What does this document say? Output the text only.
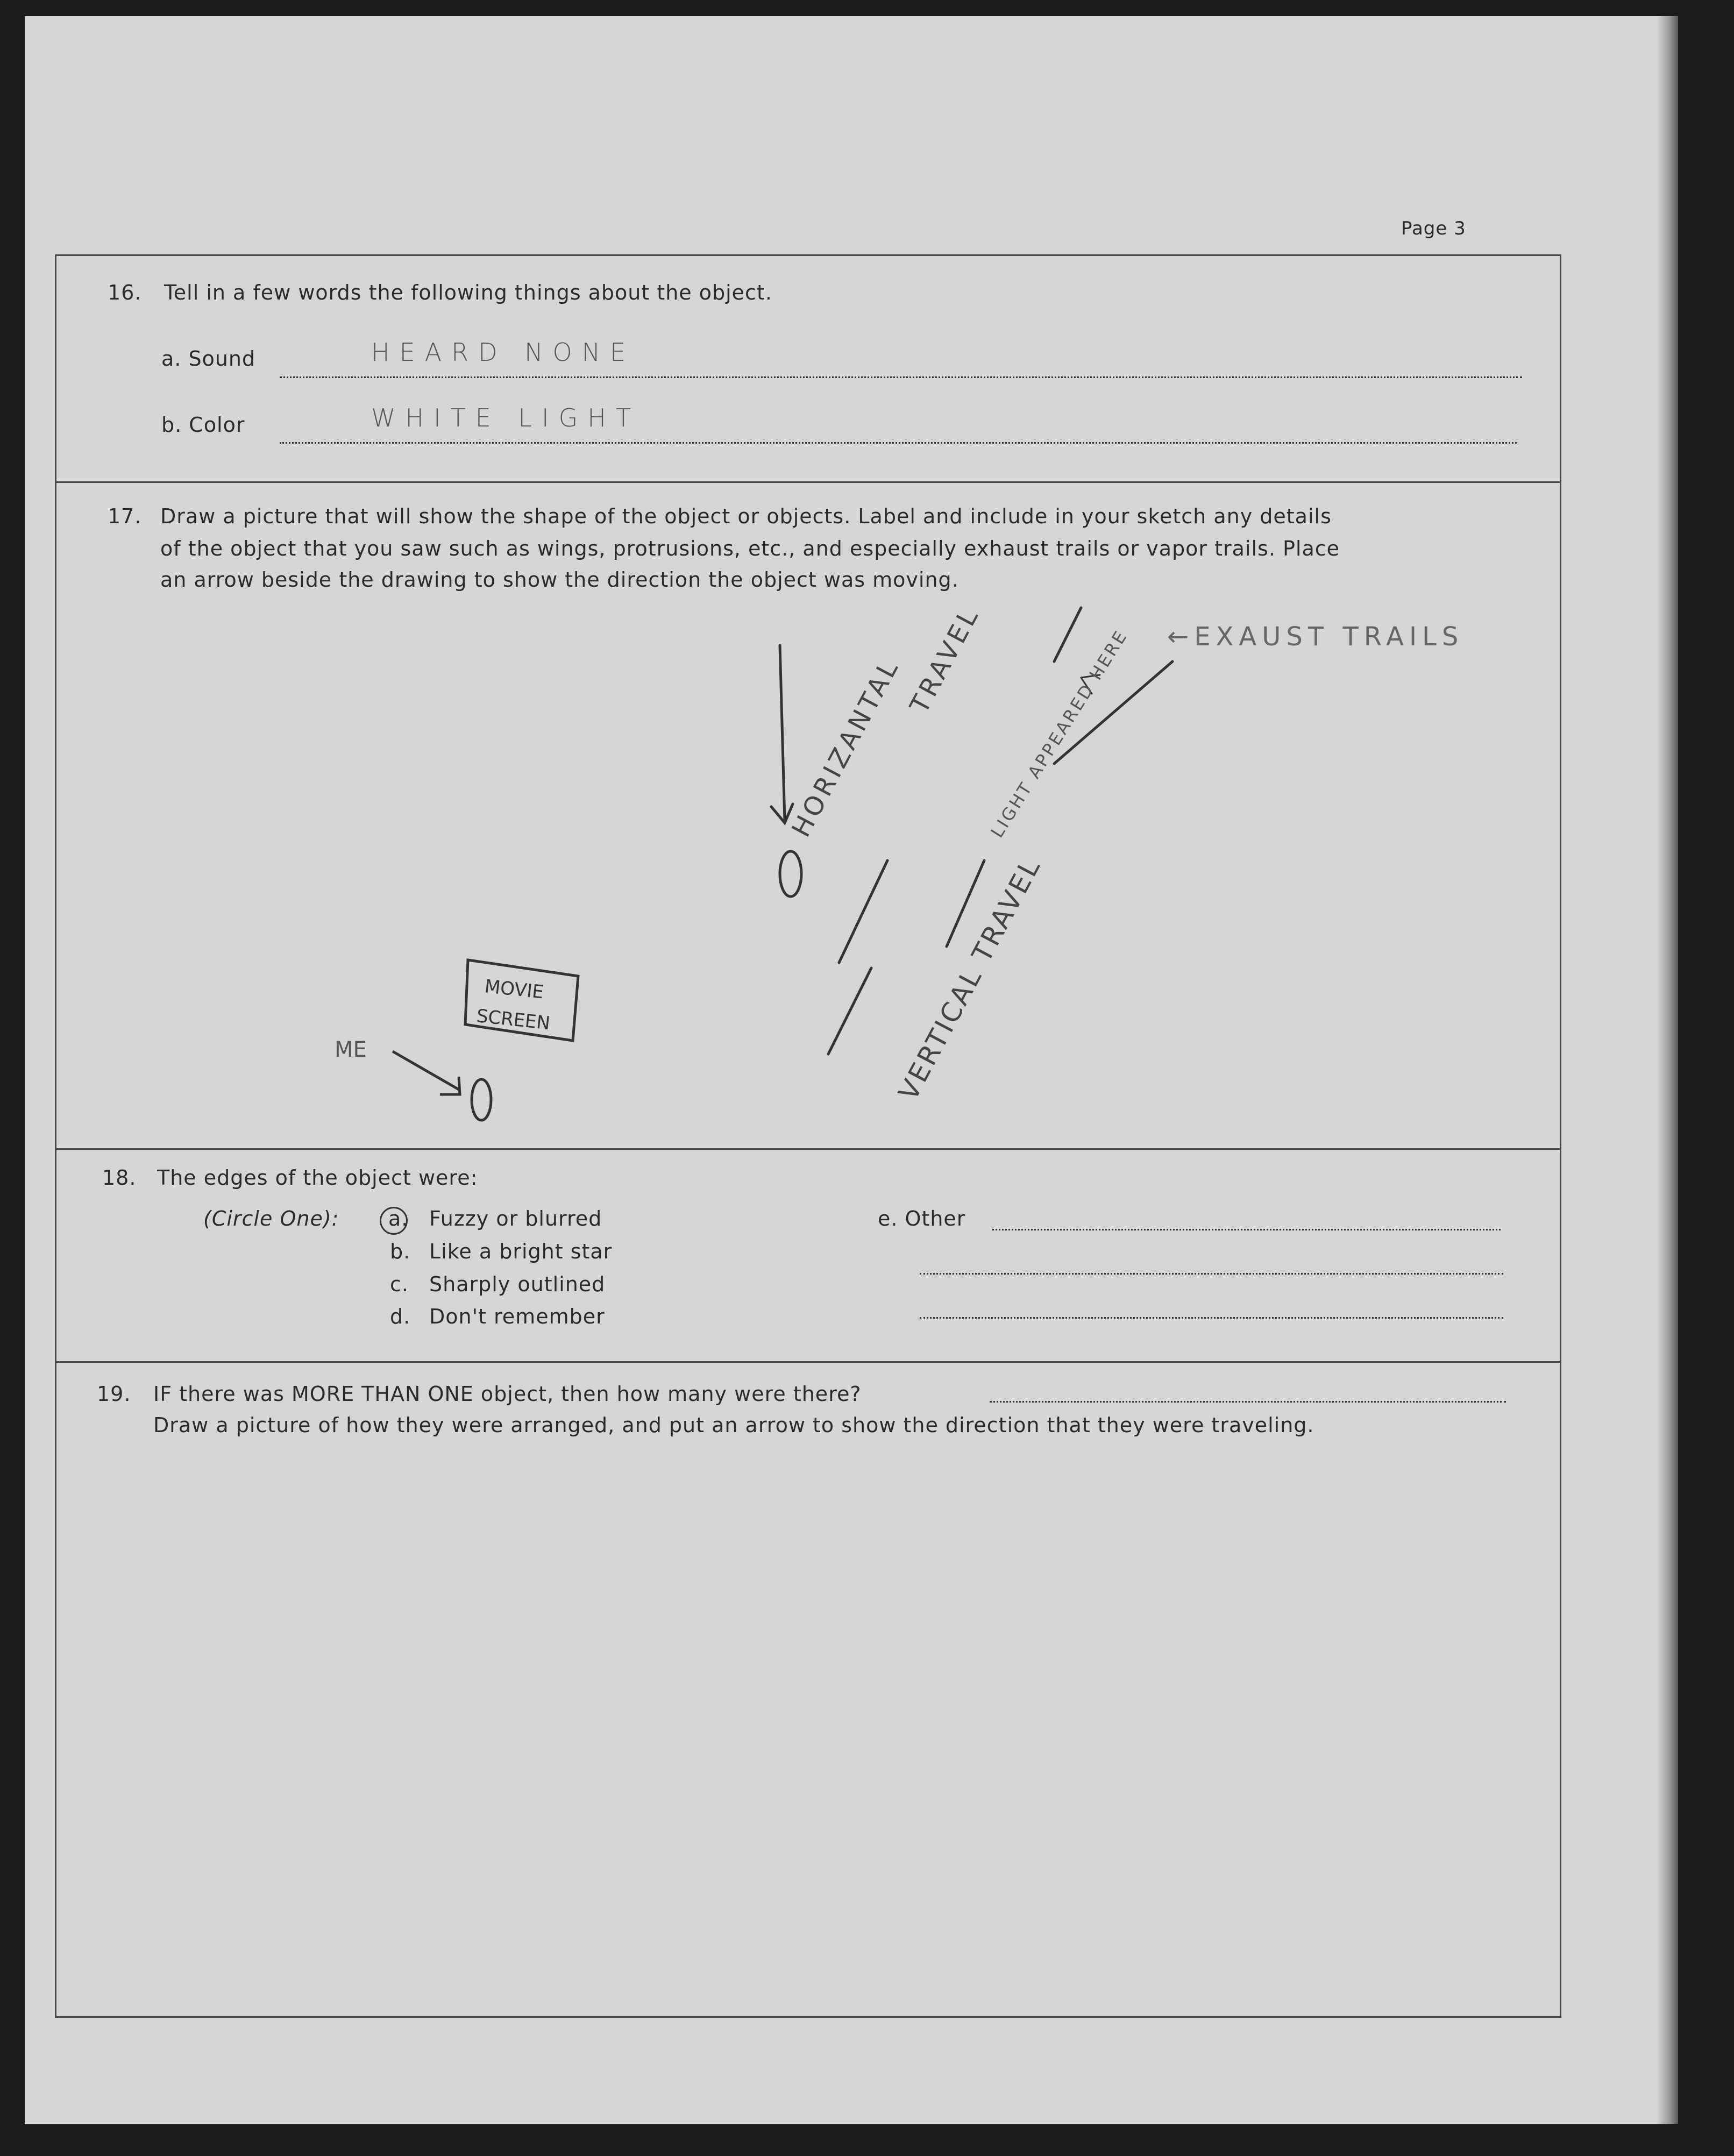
Page 3
16. Tell in a few words the following things about the object.
a. Sound	HEARD NONE
b. Color	WHITE LIGHT
17. Draw a picture that will show the shape of the object or objects. Label and include in your sketch any details
of the object that you saw such as wings, protrusions, etc., and especially exhaust trails or vapor trails. Place
an arrow beside the drawing to show the direction the object was moving.
HORIZANTAL
TRAVEL LIGHT APPEARED HERE ←EXAUST TRAILS
VERTICAL TRAVEL
MOVIE
SCREEN
ME
18. The edges of the object were:
(Circle One): a. Fuzzy or blurred
b. Like a bright star
c. Sharply outlined
d. Don't remember
e. Other
19. IF there was MORE THAN ONE object, then how many were there?
Draw a picture of how they were arranged, and put an arrow to show the direction that they were traveling.
